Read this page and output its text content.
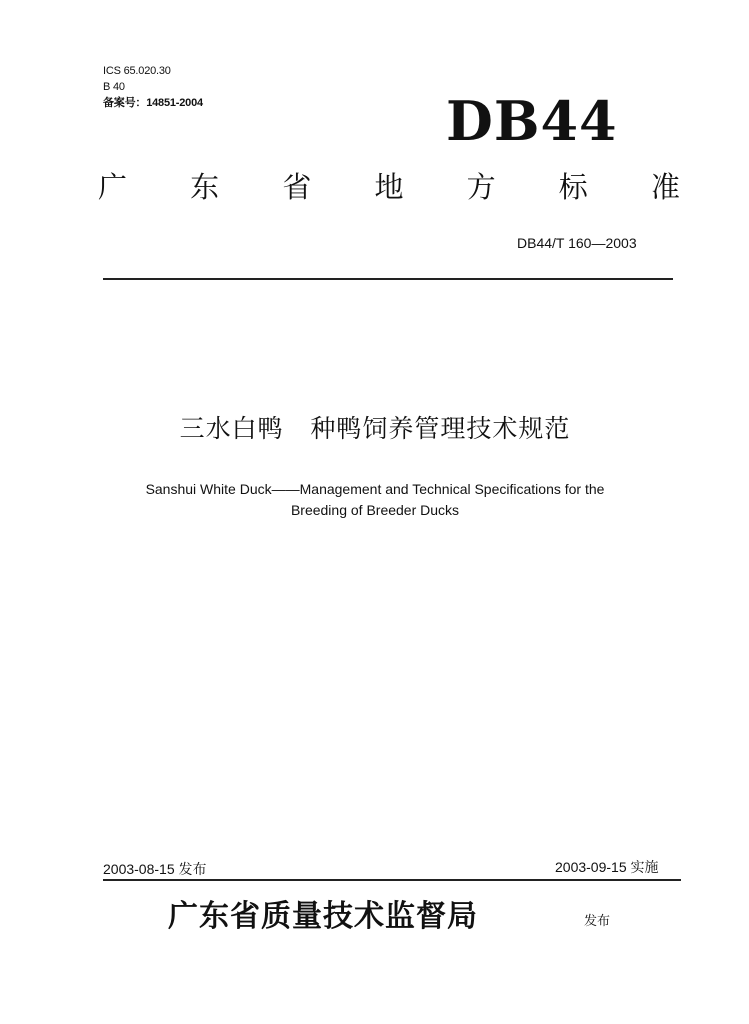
ICS 65.020.30
B 40
备案号：14851-2004	DB44
广 东 省 地 方 标 准
DB44/T 160—2003
三水白鸭   种鸭饲养管理技术规范
Sanshui White Duck——Management and Technical Specifications for the
Breeding of Breeder Ducks
2003-08-15 发布	2003-09-15 实施
广东省质量技术监督局	发布
